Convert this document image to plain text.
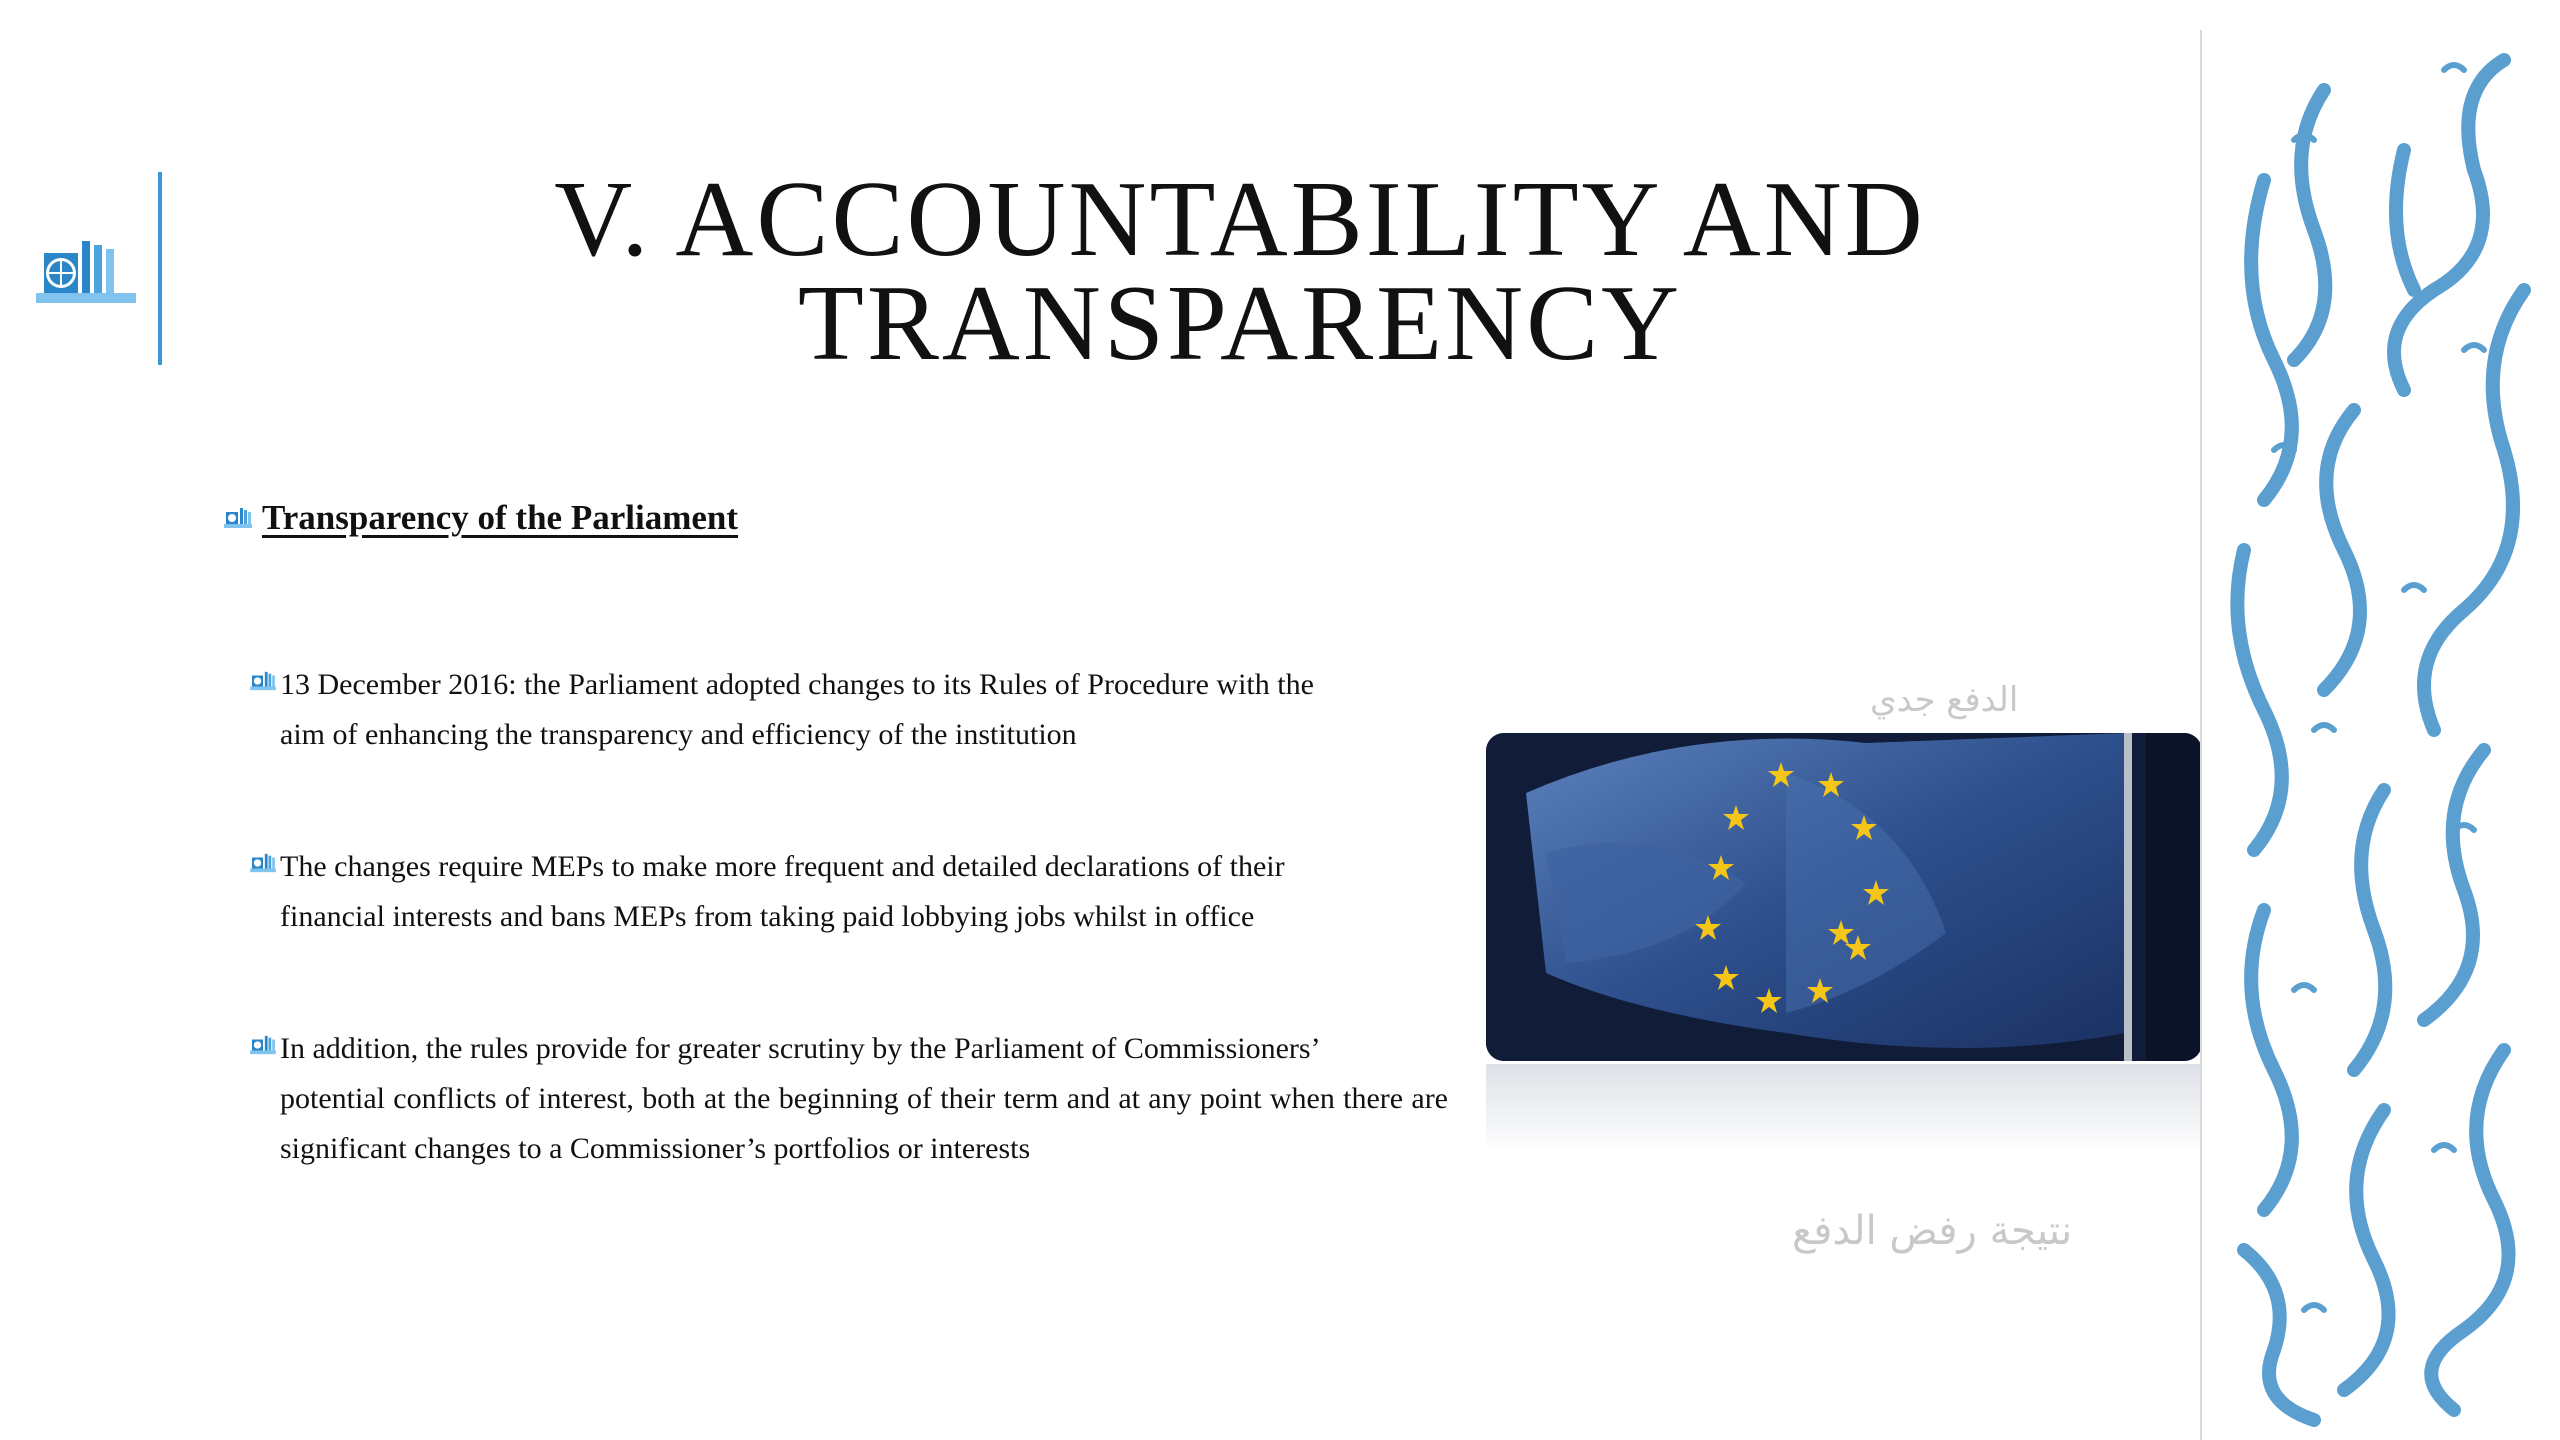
V. ACCOUNTABILITY AND
TRANSPARENCY
Transparency of the Parliament
13 December 2016: the Parliament adopted changes to its Rules of Procedure with the
aim of enhancing the transparency and efficiency of the institution
The changes require MEPs to make more frequent and detailed declarations of their
financial interests and bans MEPs from taking paid lobbying jobs whilst in office
In addition, the rules provide for greater scrutiny by the Parliament of Commissioners’
potential conflicts of interest, both at the beginning of their term and at any point when there are significant changes to a Commissioner’s portfolios or interests
الدفع جدي
نتيجة رفض الدفع
